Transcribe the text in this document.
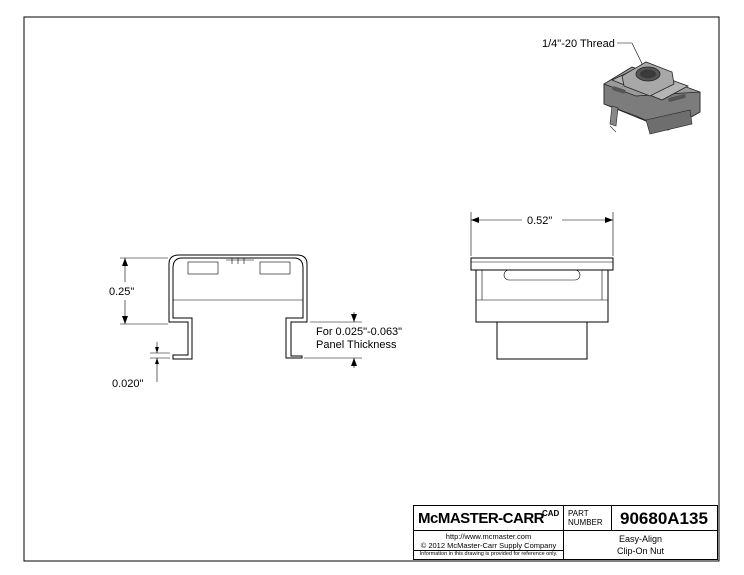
1/4"-20 Thread
0.25"
0.020"
For 0.025"-0.063"
Panel Thickness
0.52"
McMASTER-CARR
CAD PART
NUMBER 90680A135
http://www.mcmaster.com
© 2012 McMaster-Carr Supply Company
Information in this drawing is provided for reference only.
Easy-Align
Clip-On Nut
